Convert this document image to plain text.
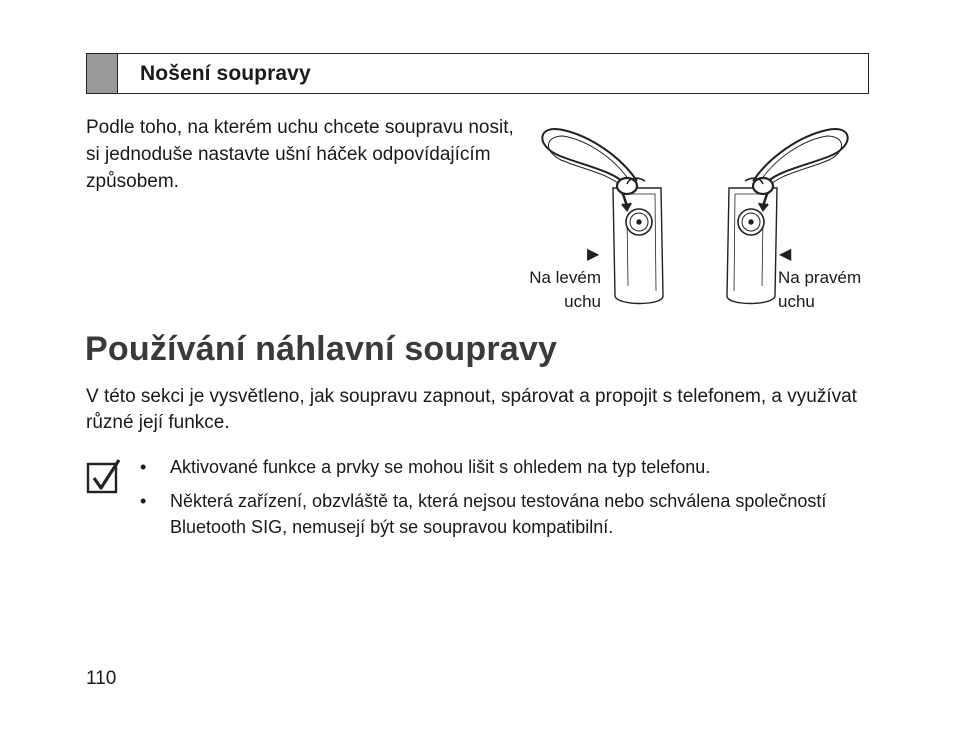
Nošení soupravy
Podle toho, na kterém uchu chcete soupravu nosit, si jednoduše nastavte ušní háček odpovídajícím způsobem.
▶	◀
Na levém
uchu
Na pravém
uchu
Používání náhlavní soupravy
V této sekci je vysvětleno, jak soupravu zapnout, spárovat a propojit s telefonem, a využívat různé její funkce.
• Aktivované funkce a prvky se mohou lišit s ohledem na typ telefonu.
• Některá zařízení, obzvláště ta, která nejsou testována nebo schválena společností Bluetooth SIG, nemusejí být se soupravou kompatibilní.
110
